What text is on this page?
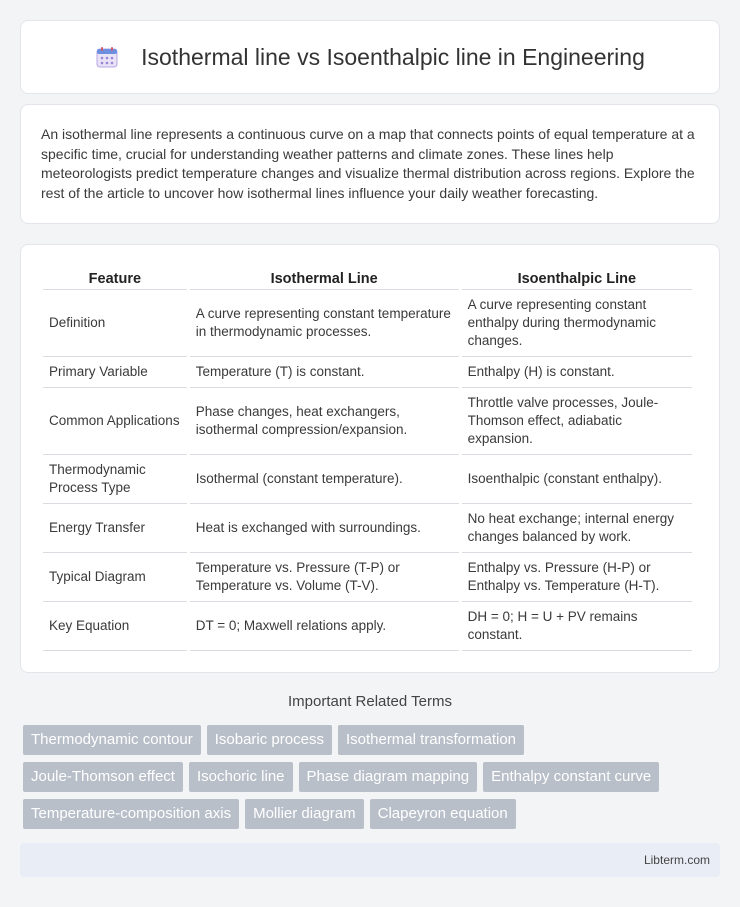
Isothermal line vs Isoenthalpic line in Engineering

An isothermal line represents a continuous curve on a map that connects points of equal temperature at a specific time, crucial for understanding weather patterns and climate zones. These lines help meteorologists predict temperature changes and visualize thermal distribution across regions. Explore the rest of the article to uncover how isothermal lines influence your daily weather forecasting.

Feature	Isothermal Line	Isoenthalpic Line
Definition	A curve representing constant temperature in thermodynamic processes.	A curve representing constant enthalpy during thermodynamic changes.
Primary Variable	Temperature (T) is constant.	Enthalpy (H) is constant.
Common Applications	Phase changes, heat exchangers, isothermal compression/expansion.	Throttle valve processes, Joule-Thomson effect, adiabatic expansion.
Thermodynamic Process Type	Isothermal (constant temperature).	Isoenthalpic (constant enthalpy).
Energy Transfer	Heat is exchanged with surroundings.	No heat exchange; internal energy changes balanced by work.
Typical Diagram	Temperature vs. Pressure (T-P) or Temperature vs. Volume (T-V).	Enthalpy vs. Pressure (H-P) or Enthalpy vs. Temperature (H-T).
Key Equation	DT = 0; Maxwell relations apply.	DH = 0; H = U + PV remains constant.
Important Related Terms
Thermodynamic contour	Isobaric process	Isothermal transformation
Joule-Thomson effect	Isochoric line	Phase diagram mapping	Enthalpy constant curve
Temperature-composition axis	Mollier diagram	Clapeyron equation
Libterm.com
